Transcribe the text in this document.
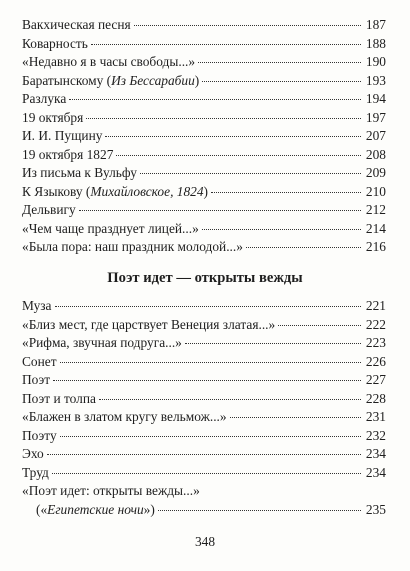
Вакхическая песня	187
Коварность	188
«Недавно я в часы свободы...»	190
Баратынскому (Из Бессарабии)	193
Разлука	194
19 октября	197
И. И. Пущину	207
19 октября 1827	208
Из письма к Вульфу	209
К Языкову (Михайловское, 1824)	210
Дельвигу	212
«Чем чаще празднует лицей...»	214
«Была пора: наш праздник молодой...»	216
Поэт идет — открыты вежды
Муза	221
«Близ мест, где царствует Венеция златая...»	222
«Рифма, звучная подруга...»	223
Сонет	226
Поэт	227
Поэт и толпа	228
«Блажен в златом кругу вельмож...»	231
Поэту	232
Эхо	234
Труд	234
«Поэт идет: открыты вежды...»
(«Египетские ночи»)	235
348
